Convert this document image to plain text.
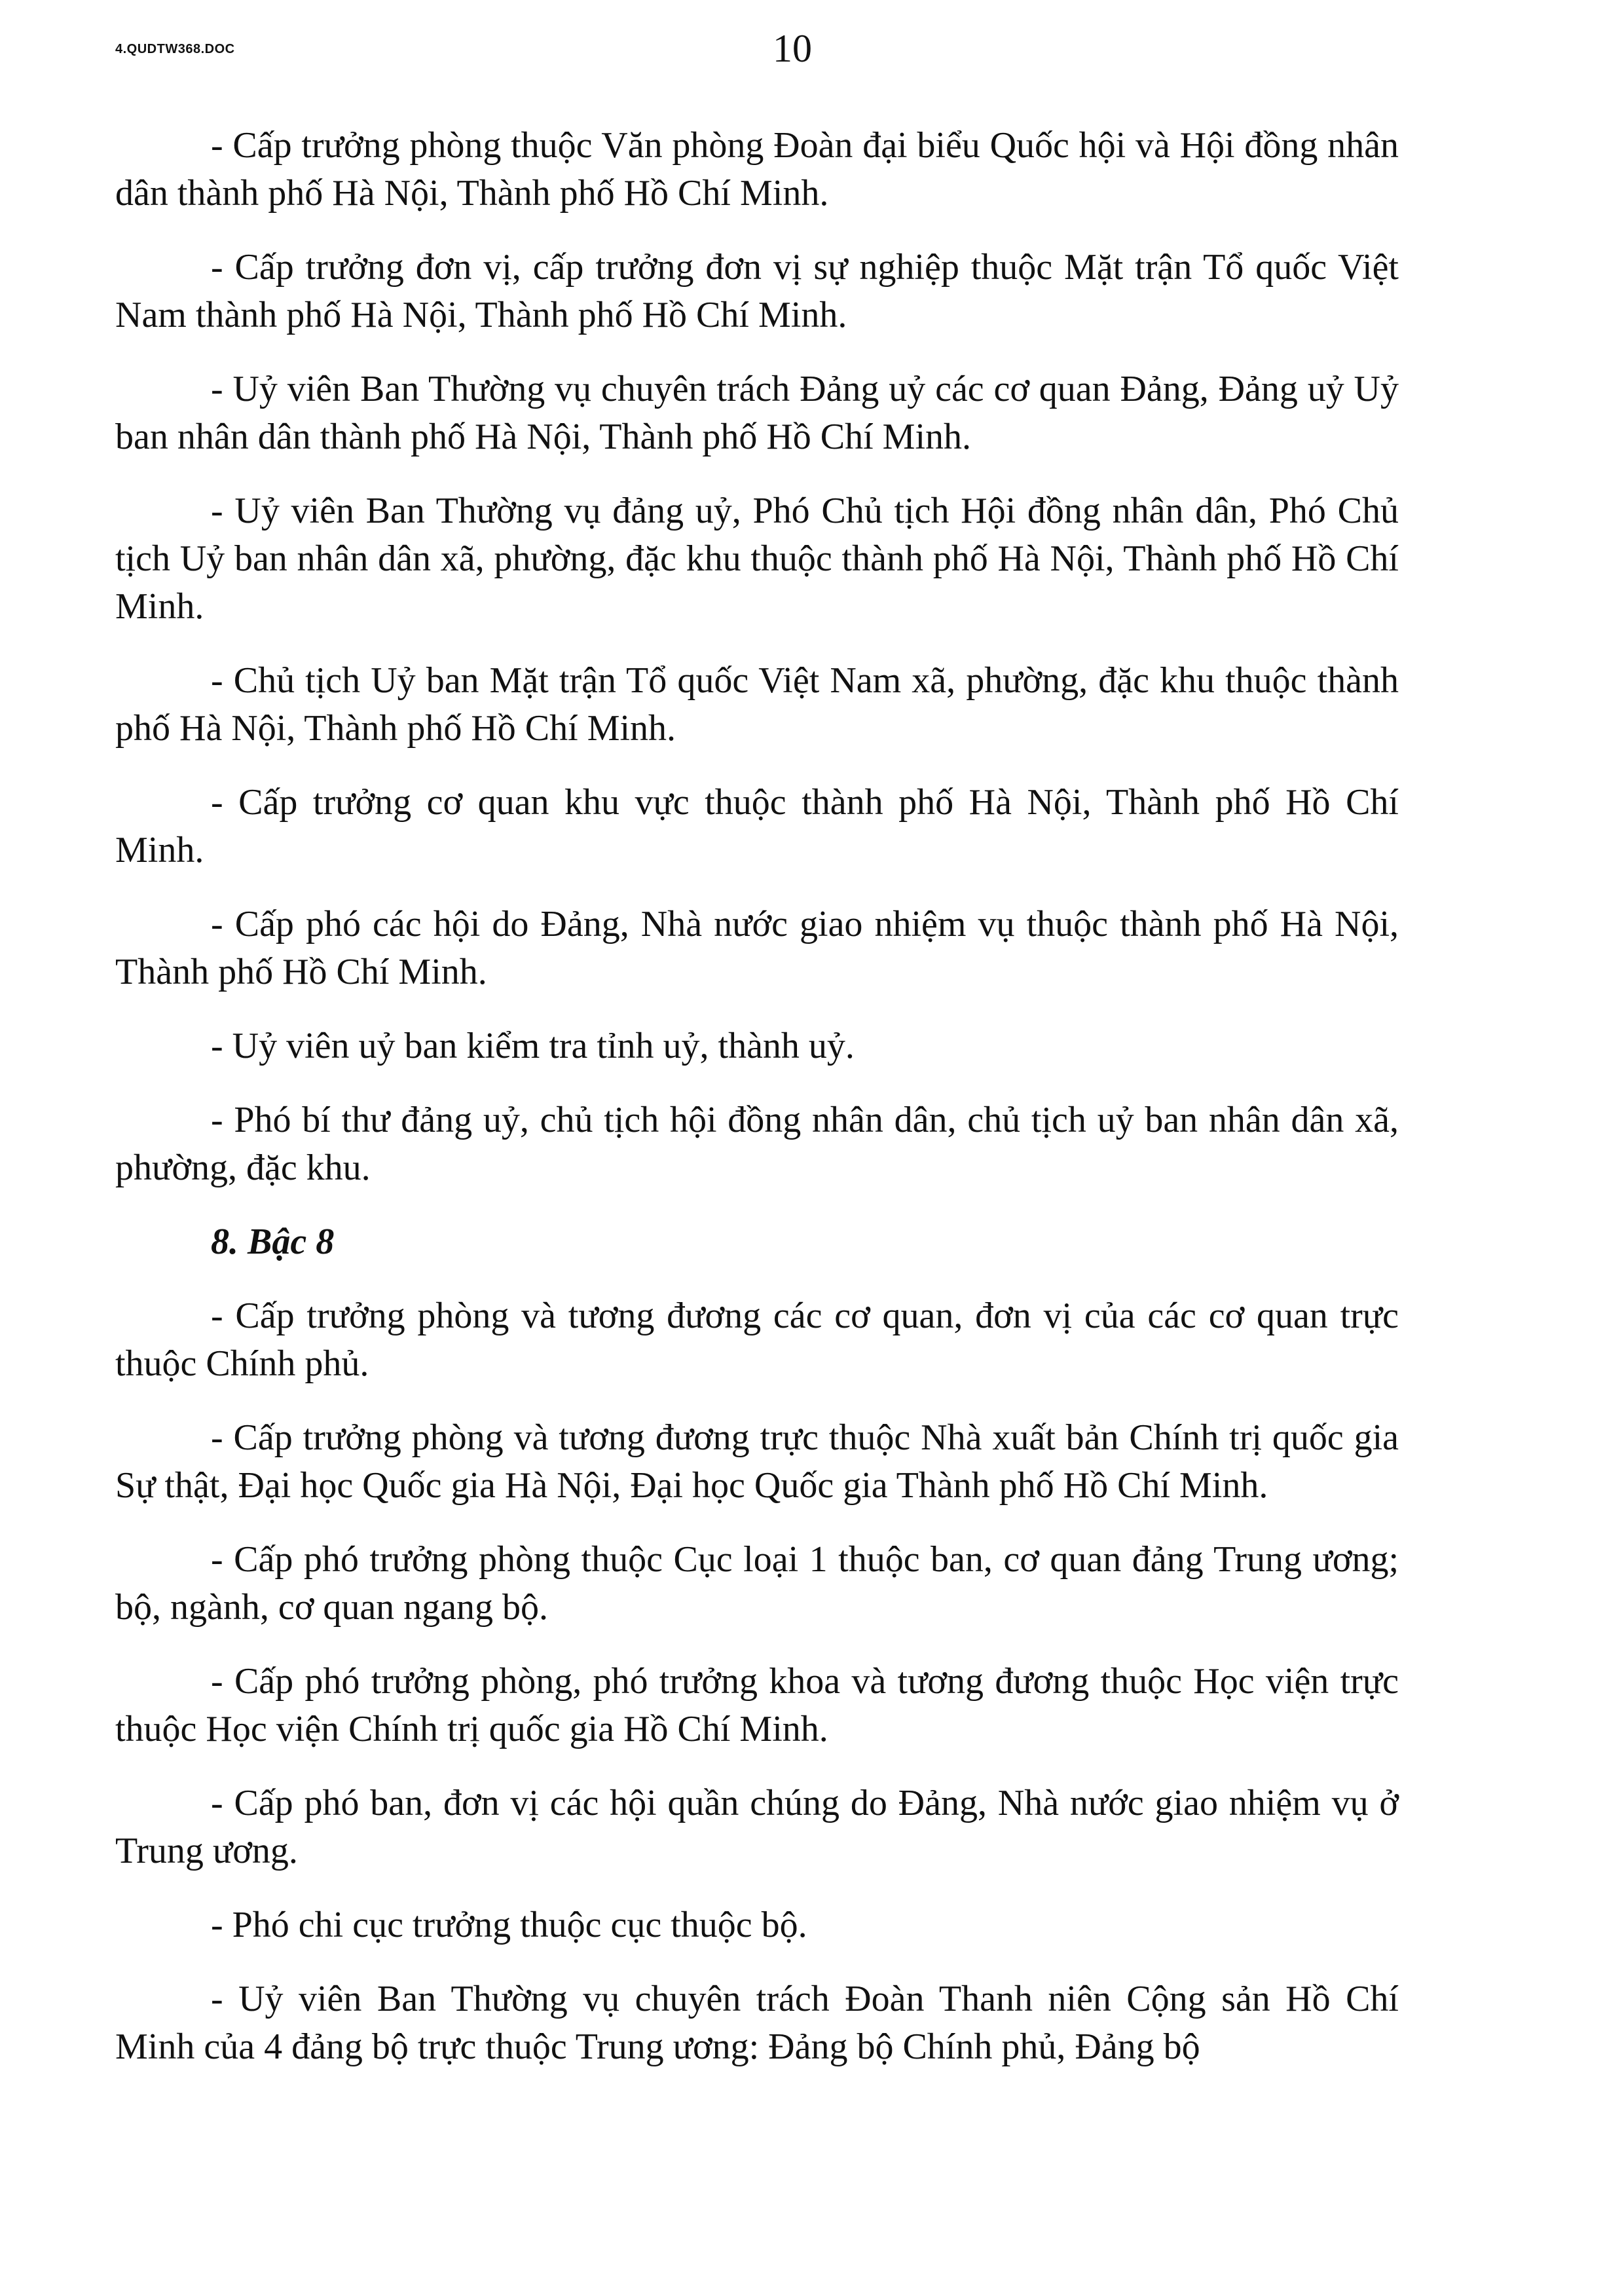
4.QUDTW368.DOC	10

- Cấp trưởng phòng thuộc Văn phòng Đoàn đại biểu Quốc hội và Hội đồng nhân dân thành phố Hà Nội, Thành phố Hồ Chí Minh.

- Cấp trưởng đơn vị, cấp trưởng đơn vị sự nghiệp thuộc Mặt trận Tổ quốc Việt Nam thành phố Hà Nội, Thành phố Hồ Chí Minh.

- Uỷ viên Ban Thường vụ chuyên trách Đảng uỷ các cơ quan Đảng, Đảng uỷ Uỷ ban nhân dân thành phố Hà Nội, Thành phố Hồ Chí Minh.

- Uỷ viên Ban Thường vụ đảng uỷ, Phó Chủ tịch Hội đồng nhân dân, Phó Chủ tịch Uỷ ban nhân dân xã, phường, đặc khu thuộc thành phố Hà Nội, Thành phố Hồ Chí Minh.

- Chủ tịch Uỷ ban Mặt trận Tổ quốc Việt Nam xã, phường, đặc khu thuộc thành phố Hà Nội, Thành phố Hồ Chí Minh.

- Cấp trưởng cơ quan khu vực thuộc thành phố Hà Nội, Thành phố Hồ Chí Minh.

- Cấp phó các hội do Đảng, Nhà nước giao nhiệm vụ thuộc thành phố Hà Nội, Thành phố Hồ Chí Minh.

- Uỷ viên uỷ ban kiểm tra tỉnh uỷ, thành uỷ.

- Phó bí thư đảng uỷ, chủ tịch hội đồng nhân dân, chủ tịch uỷ ban nhân dân xã, phường, đặc khu.

8. Bậc 8

- Cấp trưởng phòng và tương đương các cơ quan, đơn vị của các cơ quan trực thuộc Chính phủ.

- Cấp trưởng phòng và tương đương trực thuộc Nhà xuất bản Chính trị quốc gia Sự thật, Đại học Quốc gia Hà Nội, Đại học Quốc gia Thành phố Hồ Chí Minh.

- Cấp phó trưởng phòng thuộc Cục loại 1 thuộc ban, cơ quan đảng Trung ương; bộ, ngành, cơ quan ngang bộ.

- Cấp phó trưởng phòng, phó trưởng khoa và tương đương thuộc Học viện trực thuộc Học viện Chính trị quốc gia Hồ Chí Minh.

- Cấp phó ban, đơn vị các hội quần chúng do Đảng, Nhà nước giao nhiệm vụ ở Trung ương.

- Phó chi cục trưởng thuộc cục thuộc bộ.

- Uỷ viên Ban Thường vụ chuyên trách Đoàn Thanh niên Cộng sản Hồ Chí Minh của 4 đảng bộ trực thuộc Trung ương: Đảng bộ Chính phủ, Đảng bộ
